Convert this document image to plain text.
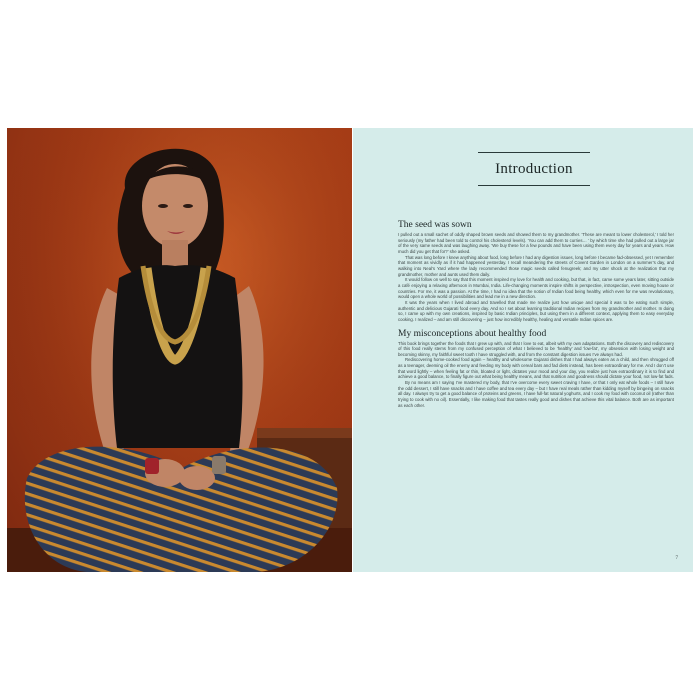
Introduction
The seed was sown

I pulled out a small sachet of oddly shaped brown seeds and showed them to my grandmother. ‘These are meant to lower cholesterol,’ I told her seriously (my father had been told to control his cholesterol levels). ‘You can add them to curries… ’ by which time she had pulled out a large jar of the very same seeds and was laughing away. ‘We buy these for a few pounds and have been using them every day for years and years. How much did you get that for?’ she asked.

That was long before I knew anything about food, long before I had any digestion issues, long before I became fad-obsessed, yet I remember that moment as vividly as if it had happened yesterday. I recall meandering the streets of Covent Garden in London on a summer’s day, and walking into Neal’s Yard where the lady recommended those magic seeds called fenugreek; and my utter shock at the realization that my grandmother, mother and aunts used them daily.

It would follow on well to say that this moment inspired my love for health and cooking, but that, in fact, came some years later, sitting outside a café enjoying a relaxing afternoon in Mumbai, India. Life-changing moments inspire shifts in perspective, introspection, even moving house or countries. For me, it was a passion. At the time, I had no idea that the notion of Indian food being healthy, which even for me was revolutionary, would open a whole world of possibilities and lead me in a new direction.

It was the years when I lived abroad and travelled that made me realize just how unique and special it was to be eating such simple, authentic and delicious Gujarati food every day. And so I set about learning traditional Indian recipes from my grandmother and mother. In doing so, I came up with my own creations, inspired by basic Indian principles, but using them in a different context, applying them to easy everyday cooking. I realized – and am still discovering – just how incredibly healthy, healing and versatile Indian spices are.

My misconceptions about healthy food

This book brings together the foods that I grew up with, and that I love to eat, albeit with my own adaptations. Both the discovery and rediscovery of this food really stems from my confused perception of what I believed to be ‘healthy’ and ‘low-fat’, my obsession with losing weight and becoming skinny, my faithful sweet tooth I have struggled with, and from the constant digestion issues I’ve always had.

Rediscovering home-cooked food again – healthy and wholesome Gujarati dishes that I had always eaten as a child, and then shrugged off as a teenager, deeming oil the enemy and feeding my body with cereal bars and fad diets instead, has been extraordinary for me. And I don’t use that word lightly – when feeling fat or thin, bloated or light, dictates your mood and your day, you realize just how extraordinary it is to find and achieve a good balance, to finally figure out what being healthy means, and that nutrition and goodness should dictate your food, not low-fat fads.

By no means am I saying I’ve mastered my body, that I’ve overcome every sweet craving I have, or that I only eat whole foods – I still have the odd dessert, I still have snacks and I have coffee and tea every day – but I have real meals rather than kidding myself by bingeing on snacks all day. I always try to get a good balance of proteins and greens, I have full-fat natural yoghurts, and I cook my food with coconut oil (rather than trying to cook with no oil). Essentially, I like making food that tastes really good and dishes that achieve this vital balance. Both are as important as each other.

7
